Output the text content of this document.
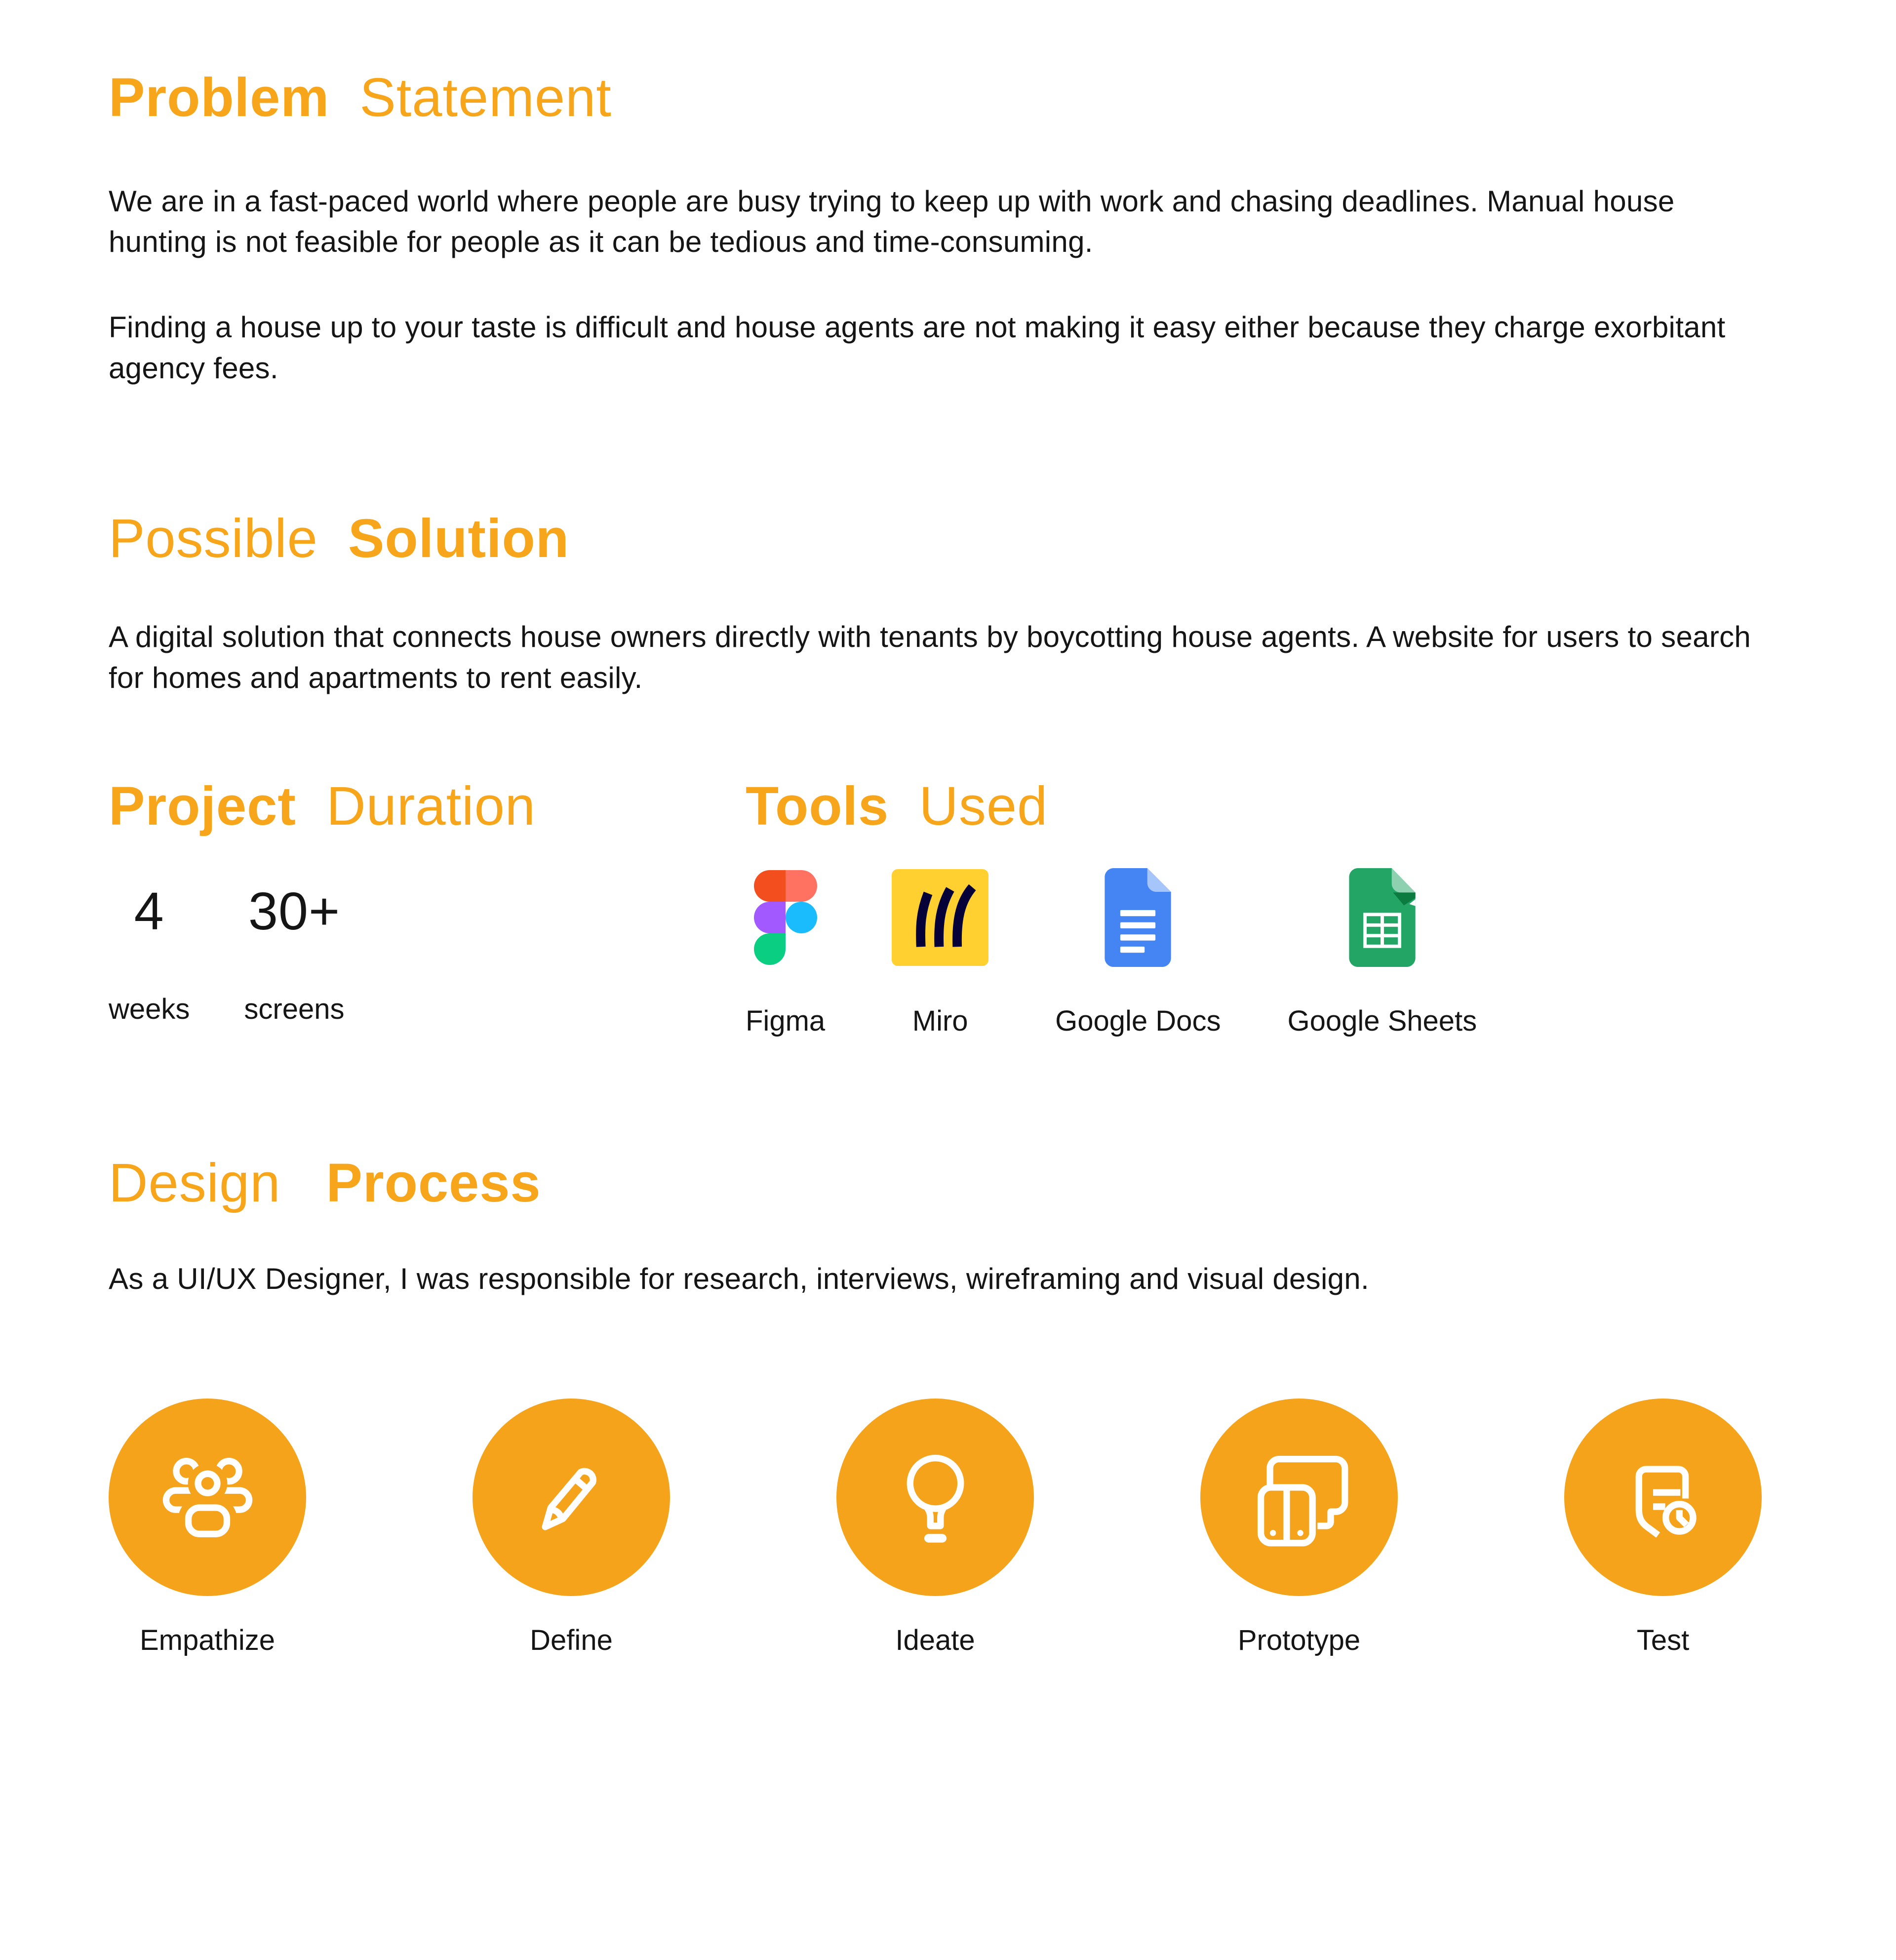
Problem Statement

We are in a fast-paced world where people are busy trying to keep up with work and chasing deadlines. Manual house hunting is not feasible for people as it can be tedious and time-consuming.

Finding a house up to your taste is difficult and house agents are not making it easy either because they charge exorbitant agency fees.

Possible Solution

A digital solution that connects house owners directly with tenants by boycotting house agents. A website for users to search for homes and apartments to rent easily.

Project Duration
4
weeks
30+
screens
Tools Used
Figma	Miro	Google Docs Google Sheets
Design Process

As a UI/UX Designer, I was responsible for research, interviews, wireframing and visual design.

Empathize	Define	Ideate	Prototype	Test
